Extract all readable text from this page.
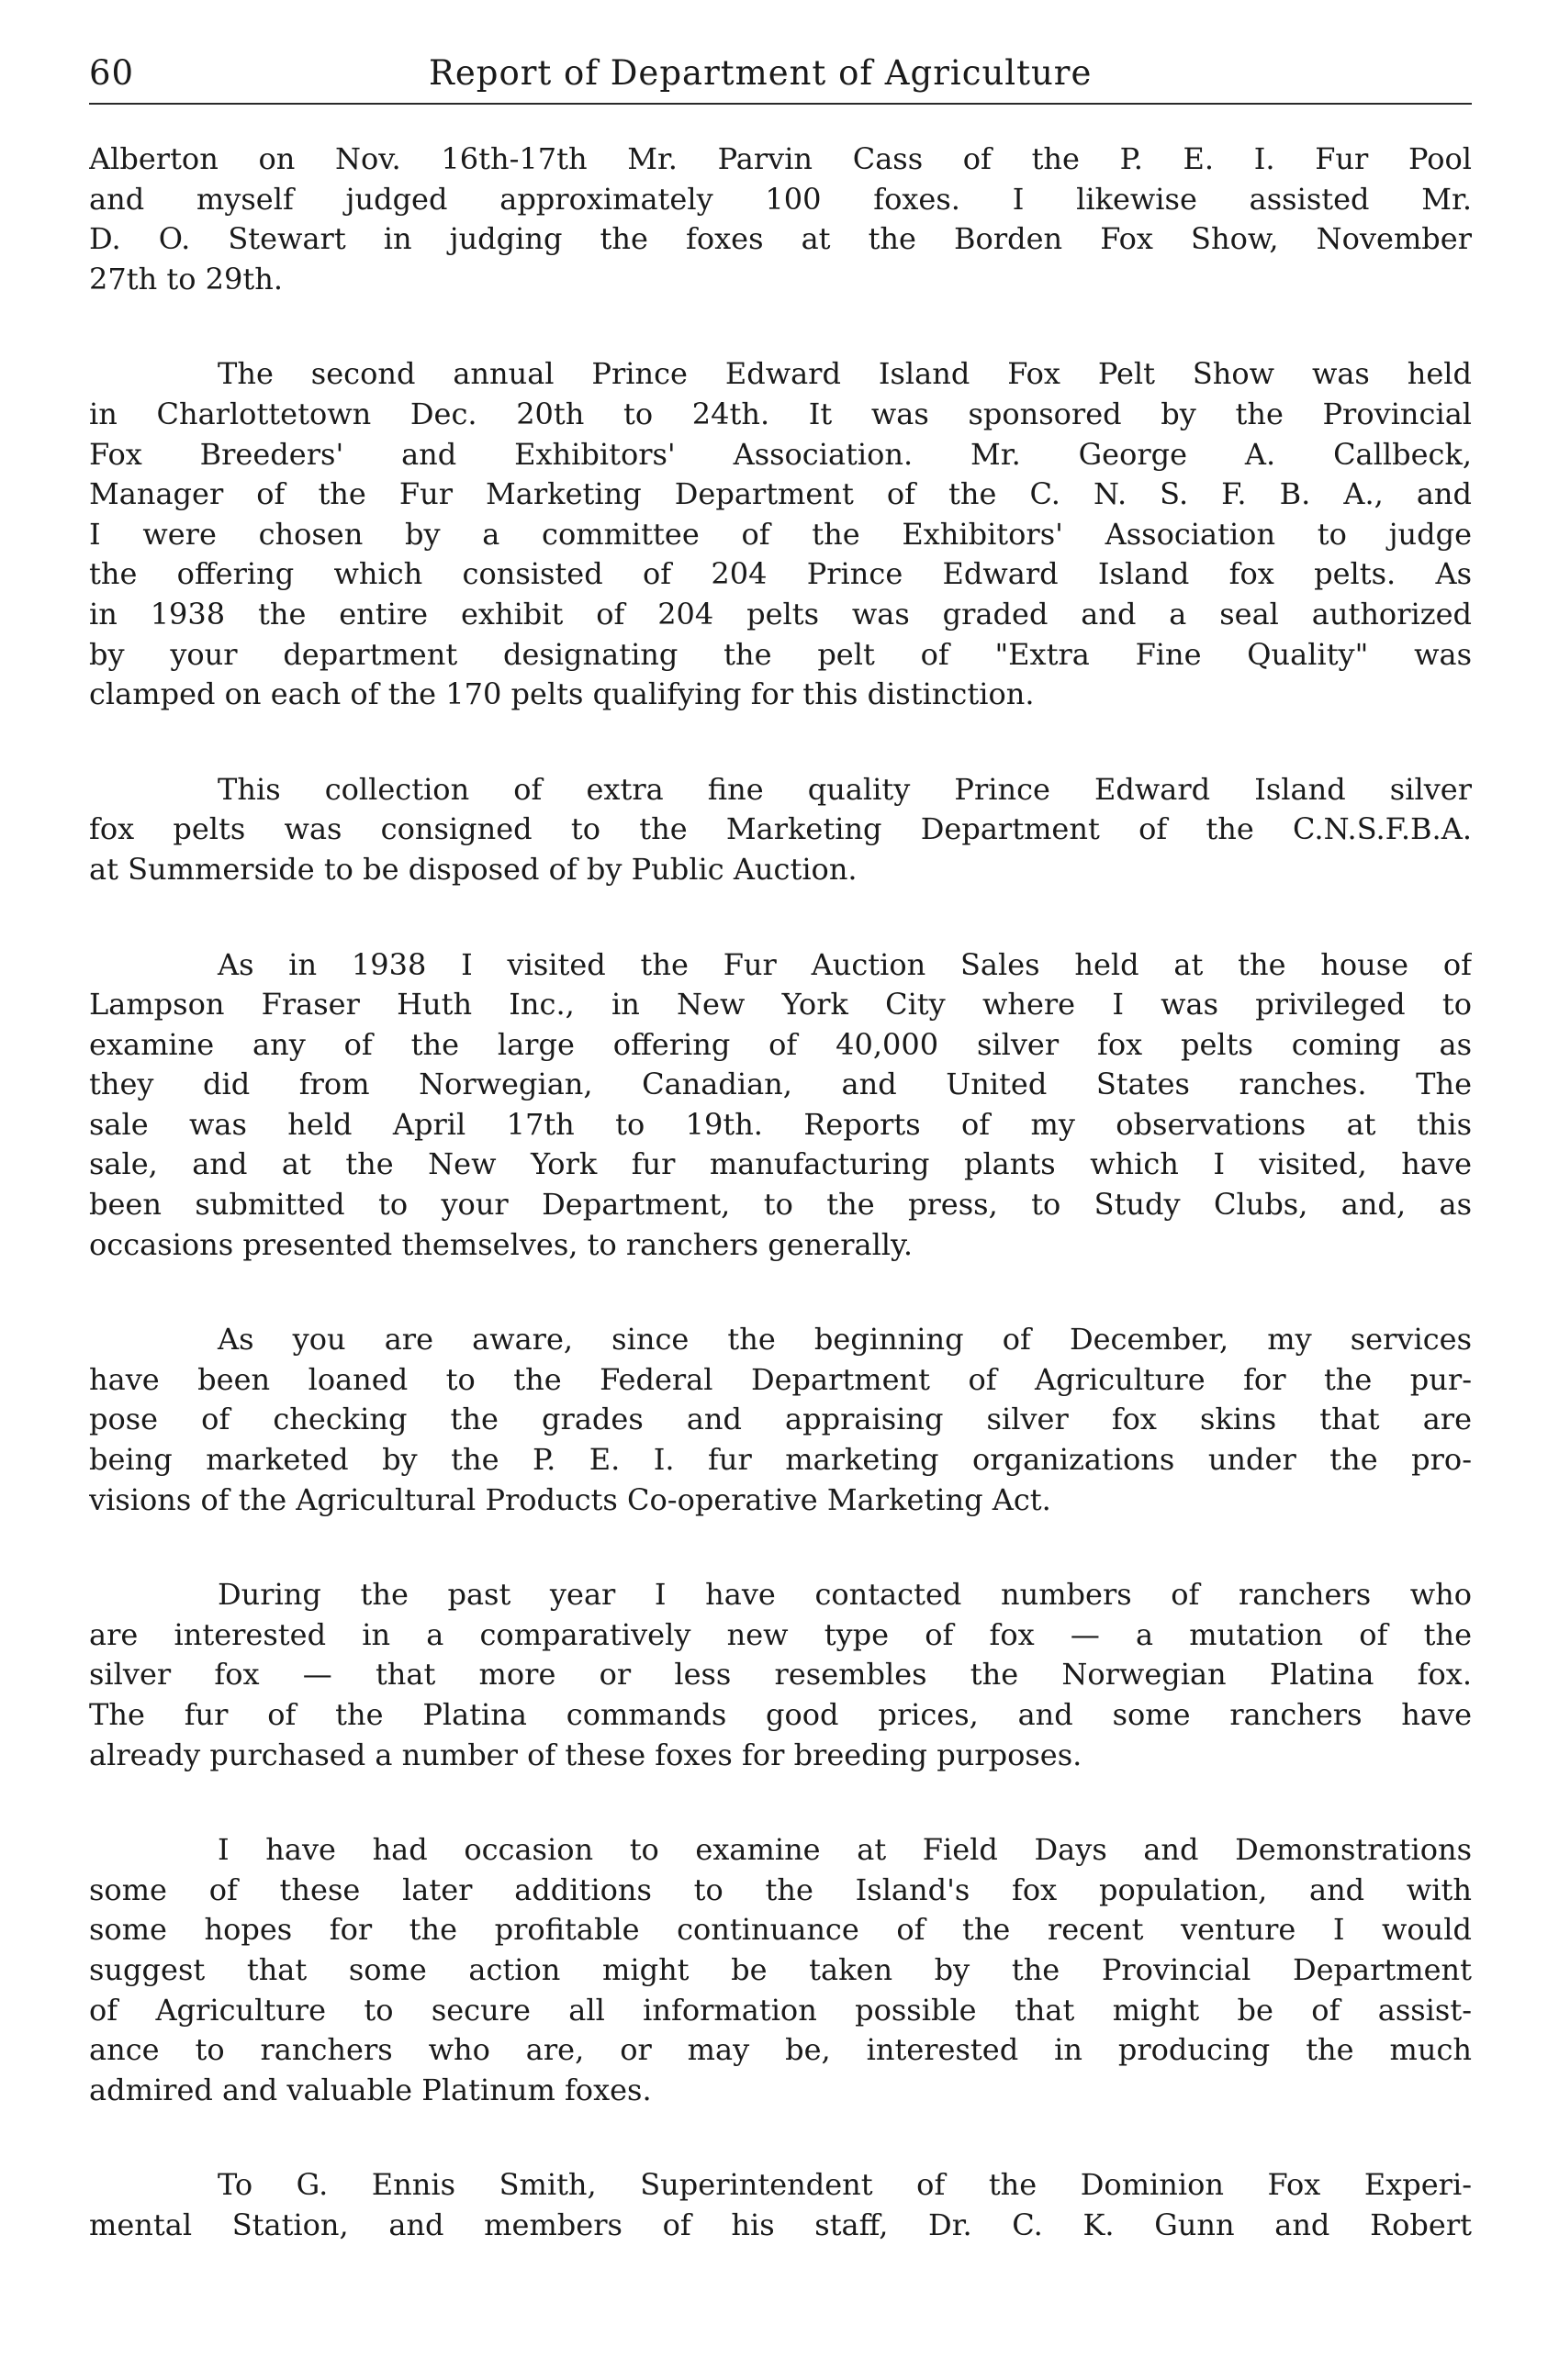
60	Report of Department of Agriculture
Alberton on Nov. 16th-17th Mr. Parvin Cass of the P. E. I. Fur Pool
and myself judged approximately 100 foxes. I likewise assisted Mr.
D. O. Stewart in judging the foxes at the Borden Fox Show, November
27th to 29th.
The second annual Prince Edward Island Fox Pelt Show was held
in Charlottetown Dec. 20th to 24th. It was sponsored by the Provincial
Fox Breeders' and Exhibitors' Association. Mr. George A. Callbeck,
Manager of the Fur Marketing Department of the C. N. S. F. B. A., and
I were chosen by a committee of the Exhibitors' Association to judge
the offering which consisted of 204 Prince Edward Island fox pelts. As
in 1938 the entire exhibit of 204 pelts was graded and a seal authorized
by your department designating the pelt of "Extra Fine Quality" was
clamped on each of the 170 pelts qualifying for this distinction.
This collection of extra fine quality Prince Edward Island silver
fox pelts was consigned to the Marketing Department of the C.N.S.F.B.A.
at Summerside to be disposed of by Public Auction.
As in 1938 I visited the Fur Auction Sales held at the house of
Lampson Fraser Huth Inc., in New York City where I was privileged to
examine any of the large offering of 40,000 silver fox pelts coming as
they did from Norwegian, Canadian, and United States ranches. The
sale was held April 17th to 19th. Reports of my observations at this
sale, and at the New York fur manufacturing plants which I visited, have
been submitted to your Department, to the press, to Study Clubs, and, as
occasions presented themselves, to ranchers generally.
As you are aware, since the beginning of December, my services
have been loaned to the Federal Department of Agriculture for the pur-
pose of checking the grades and appraising silver fox skins that are
being marketed by the P. E. I. fur marketing organizations under the pro-
visions of the Agricultural Products Co-operative Marketing Act.
During the past year I have contacted numbers of ranchers who
are interested in a comparatively new type of fox — a mutation of the
silver fox — that more or less resembles the Norwegian Platina fox.
The fur of the Platina commands good prices, and some ranchers have
already purchased a number of these foxes for breeding purposes.
I have had occasion to examine at Field Days and Demonstrations
some of these later additions to the Island's fox population, and with
some hopes for the profitable continuance of the recent venture I would
suggest that some action might be taken by the Provincial Department
of Agriculture to secure all information possible that might be of assist-
ance to ranchers who are, or may be, interested in producing the much
admired and valuable Platinum foxes.
To G. Ennis Smith, Superintendent of the Dominion Fox Experi-
mental Station, and members of his staff, Dr. C. K. Gunn and Robert
